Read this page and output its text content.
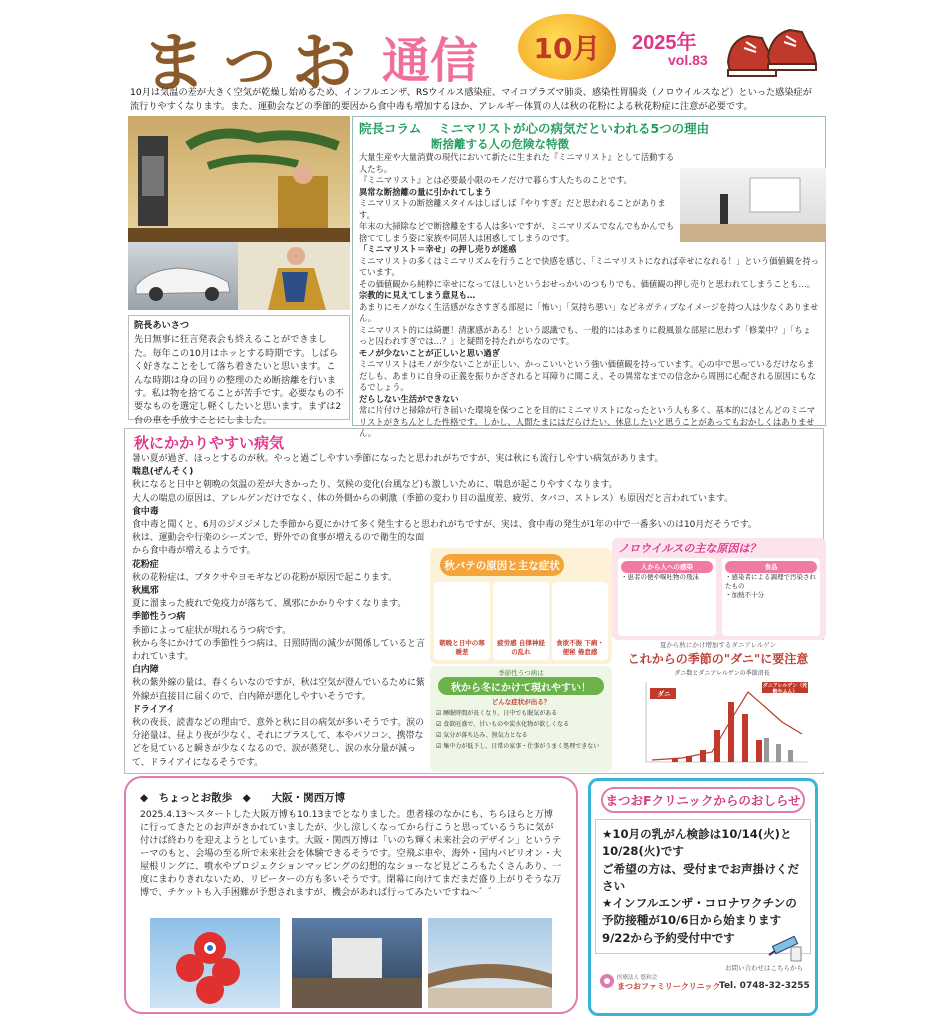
ま つ お 通信 10月 2025年
vol.83
10月は気温の差が大きく空気が乾燥し始めるため、インフルエンザ、RSウイルス感染症、マイコプラズマ肺炎、感染性胃腸炎（ノロウイルスなど）といった感染症が流行りやすくなります。また、運動会などの季節的要因から食中毒も増加するほか、アレルギー体質の人は秋の花粉による秋花粉症に注意が必要です。
院長あいさつ
先日無事に狂言発表会も終えることができました。毎年この10月はホッとする時期です。しばらく好きなことをして落ち着きたいと思います。こんな時期は身の回りの整理のため断捨離を行います。私は物を捨てることが苦手です。必要なもの不要なものを選定し軽くしたいと思います。まずは2台の車を手放すことにしました。
院長コラム　 ミニマリストが心の病気だといわれる5つの理由
断捨離する人の危険な特徴

大量生産や大量消費の現代において新たに生まれた『ミニマリスト』として活動する人たち。

『ミニマリスト』とは必要最小限のモノだけで暮らす人たちのことです。

異常な断捨離の量に引かれてしまう

ミニマリストの断捨離スタイルはしばしば『やりすぎ』だと思われることがあります。

年末の大掃除などで断捨離をする人は多いですが、ミニマリズムでなんでもかんでも捨ててしまう姿に家族や同居人は困惑してしまうのです。

「ミニマリスト＝幸せ」の押し売りが迷惑

ミニマリストの多くはミニマリズムを行うことで快感を感じ、「ミニマリストになれば幸せになれる！」という価値観を持っています。

その価値観から純粋に幸せになってほしいというおせっかいのつもりでも、価値観の押し売りと思われてしまうことも…。

宗教的に見えてしまう意見も…

あまりにモノがなく生活感がなさすぎる部屋に「怖い」「気持ち悪い」などネガティブなイメージを持つ人は少なくありません。

ミニマリスト的には綺麗！清潔感がある！という認識でも、一般的にはあまりに殺風景な部屋に思わず「修業中？」「ちょっと囚われすぎでは…？」と疑問を持たれがちなのです。

モノが少ないことが正しいと思い過ぎ

ミニマリストはモノが少ないことが正しい、かっこいいという強い価値観を持っています。心の中で思っているだけならまだしも、あまりに自身の正義を振りかざされると耳障りに聞こえ、その異常なまでの信念から周囲に心配される原因にもなるでしょう。

だらしない生活ができない

常に片付けと掃除が行き届いた環境を保つことを目的にミニマリストになったという人も多く、基本的にほとんどのミニマリストがきちんとした性格です。しかし、人間たまにはだらけたい、休息したいと思うことがあってもおかしくはありません。

秋にかかりやすい病気
暑い夏が過ぎ、ほっとするのが秋。やっと過ごしやすい季節になったと思われがちですが、実は秋にも流行しやすい病気があります。
喘息(ぜんそく)
秋になると日中と朝晩の気温の差が大きかったり、気候の変化(台風など)も激しいために、喘息が起こりやすくなります。
大人の喘息の原因は、アレルゲンだけでなく、体の外側からの刺激（季節の変わり目の温度差、疲労、タバコ、ストレス）も原因だと言われています。
食中毒
食中毒と聞くと、6月のジメジメした季節から夏にかけて多く発生すると思われがちですが、実は、食中毒の発生が1年の中で一番多いのは10月だそうです。
秋は、運動会や行楽のシーズンで、野外での食事が増えるので衛生的な面から食中毒が増えるようです。
花粉症
秋の花粉症は、ブタクサやヨモギなどの花粉が原因で起こります。
秋風邪
夏に溜まった疲れで免疫力が落ちて、風邪にかかりやすくなります。
季節性うつ病
季節によって症状が現れるうつ病です。
秋から冬にかけての季節性うつ病は、日照時間の減少が関係していると言われています。
白内障
秋の紫外線の量は、春くらいなのですが、秋は空気が澄んでいるために紫外線が直接目に届くので、白内障が悪化しやすいそうです。
ドライアイ
秋の夜長、読書などの理由で、意外と秋に目の病気が多いそうです。涙の分泌量は、昼より夜が少なく、それにプラスして、本やパソコン、携帯などを見ていると瞬きが少なくなるので、涙が蒸発し、涙の水分量が減って、ドライアイになるそうです。
秋バテの原因と主な症状
朝晩と日中の寒暖差
疲労感 自律神経の乱れ
食欲不振 下痢・便秘 倦怠感
ノロウイルスの主な原因は？
人から人への感染
・患者の便や嘔吐物の飛沫
食品
・感染者による調理で汚染されたもの
・加熱不十分
季節性うつ病は
秋から冬にかけて現れやすい！
どんな症状が出る？
☑ 睡眠時間が長くなり、日中でも眠気がある
☑ 食欲旺盛で、甘いものや炭水化物が欲しくなる
☑ 気分が落ち込み、無気力となる
☑ 集中力が低下し、日常の家事・仕事がうまく処理できない
夏から秋にかけ増加するダニアレルゲン
これからの季節の"ダニ"に要注意
ダニ数とダニアレルゲンの季節消長
ダニ
ダニアレルゲン（死骸やふん）
◆　ちょっとお散歩　◆　　大阪・関西万博
2025.4.13～スタートした大阪万博も10.13までとなりました。患者様のなかにも、ちらほらと万博に行ってきたとのお声がきかれていましたが、少し涼しくなってから行こうと思っているうちに気が付けば終わりを迎えようとしています。大阪・関西万博は「いのち輝く未来社会のデザイン」というテーマのもと、会場の至る所で未来社会を体験できるそうです。空飛ぶ車や、海外・国内パビリオン・大屋根リングに、噴水やプロジェクションマッピングの幻想的なショーなど見どころもたくさんあり、一度にまわりきれないため、リピーターの方も多いそうです。閉幕に向けてまだまだ盛り上がりそうな万博で、チケットも入手困難が予想されますが、機会があれば行ってみたいですね～゛゛
まつおFクリニックからのおしらせ
★10月の乳がん検診は10/14(火)と10/28(火)です
ご希望の方は、受付までお声掛けください
★インフルエンザ・コロナワクチンの予防接種が10/6日から始まります
9/22から予約受付中です
お問い合わせはこちらから
医療法人 悠和会
まつおファミリークリニック
Tel. 0748-32-3255
